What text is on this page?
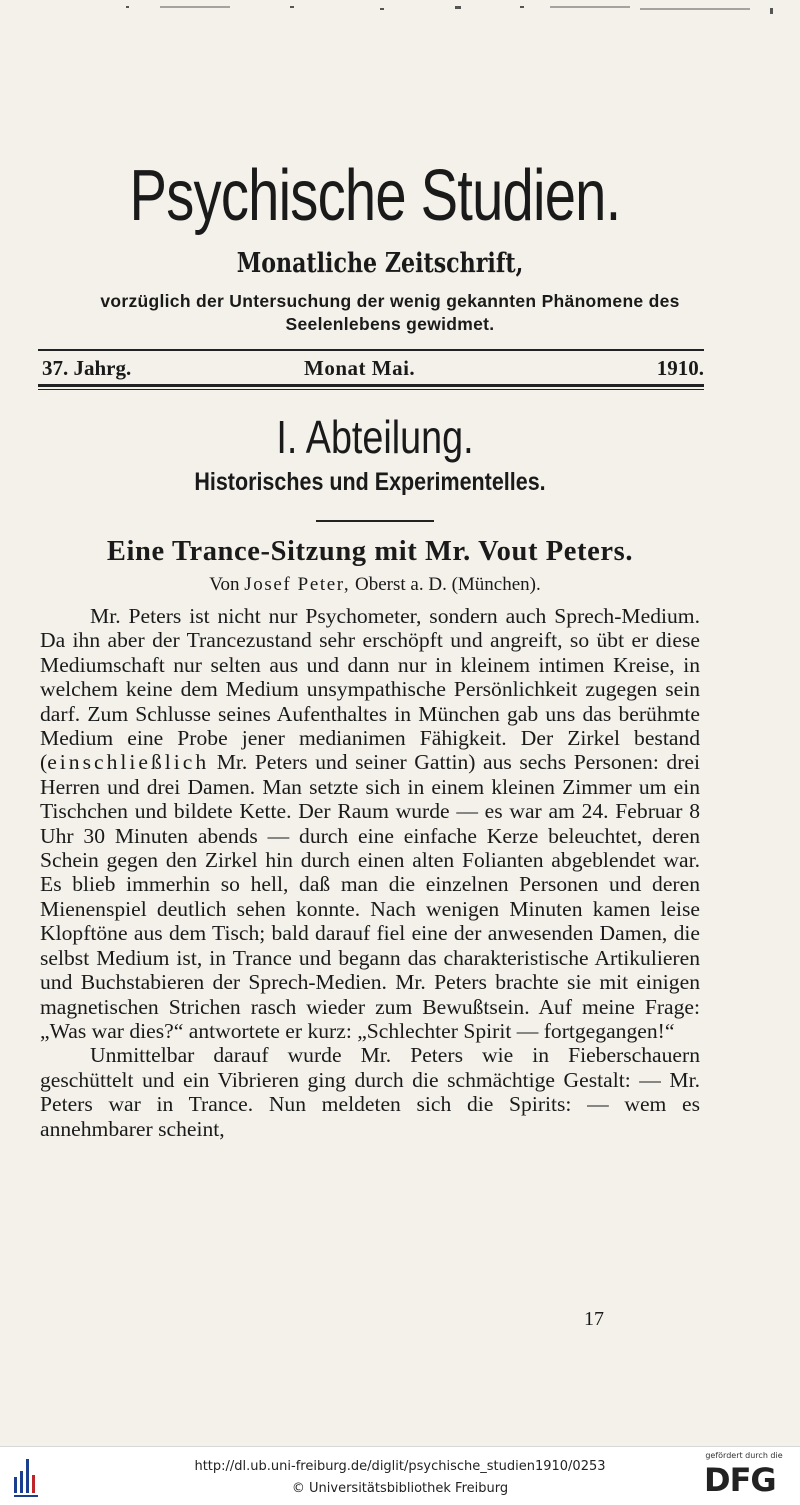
Psychische Studien.
Monatliche Zeitschrift,
vorzüglich der Untersuchung der wenig gekannten Phänomene des
Seelenlebens gewidmet.
37. Jahrg.	Monat Mai.	1910.
I. Abteilung.
Historisches und Experimentelles.
Eine Trance-Sitzung mit Mr. Vout Peters.
Von Josef Peter, Oberst a. D. (München).

Mr. Peters ist nicht nur Psychometer, sondern auch Sprech-Medium. Da ihn aber der Trancezustand sehr erschöpft und angreift, so übt er diese Mediumschaft nur selten aus und dann nur in kleinem intimen Kreise, in welchem keine dem Medium unsympathische Persönlichkeit zugegen sein darf. Zum Schlusse seines Aufenthaltes in München gab uns das berühmte Medium eine Probe jener medianimen Fähigkeit. Der Zirkel bestand (einschließlich Mr. Peters und seiner Gattin) aus sechs Personen: drei Herren und drei Damen. Man setzte sich in einem kleinen Zimmer um ein Tischchen und bildete Kette. Der Raum wurde — es war am 24. Februar 8 Uhr 30 Minuten abends — durch eine einfache Kerze beleuchtet, deren Schein gegen den Zirkel hin durch einen alten Folianten abgeblendet war. Es blieb immerhin so hell, daß man die einzelnen Personen und deren Mienenspiel deutlich sehen konnte. Nach wenigen Minuten kamen leise Klopftöne aus dem Tisch; bald darauf fiel eine der anwesenden Damen, die selbst Medium ist, in Trance und begann das charakteristische Artikulieren und Buchstabieren der Sprech-Medien. Mr. Peters brachte sie mit einigen magnetischen Strichen rasch wieder zum Bewußtsein. Auf meine Frage: „Was war dies?“ antwortete er kurz: „Schlechter Spirit — fortgegangen!“

Unmittelbar darauf wurde Mr. Peters wie in Fieberschauern geschüttelt und ein Vibrieren ging durch die schmächtige Gestalt: — Mr. Peters war in Trance. Nun meldeten sich die Spirits: — wem es annehmbarer scheint,

17
http://dl.ub.uni-freiburg.de/diglit/psychische_studien1910/0253
© Universitätsbibliothek Freiburg
gefördert durch die
DFG
